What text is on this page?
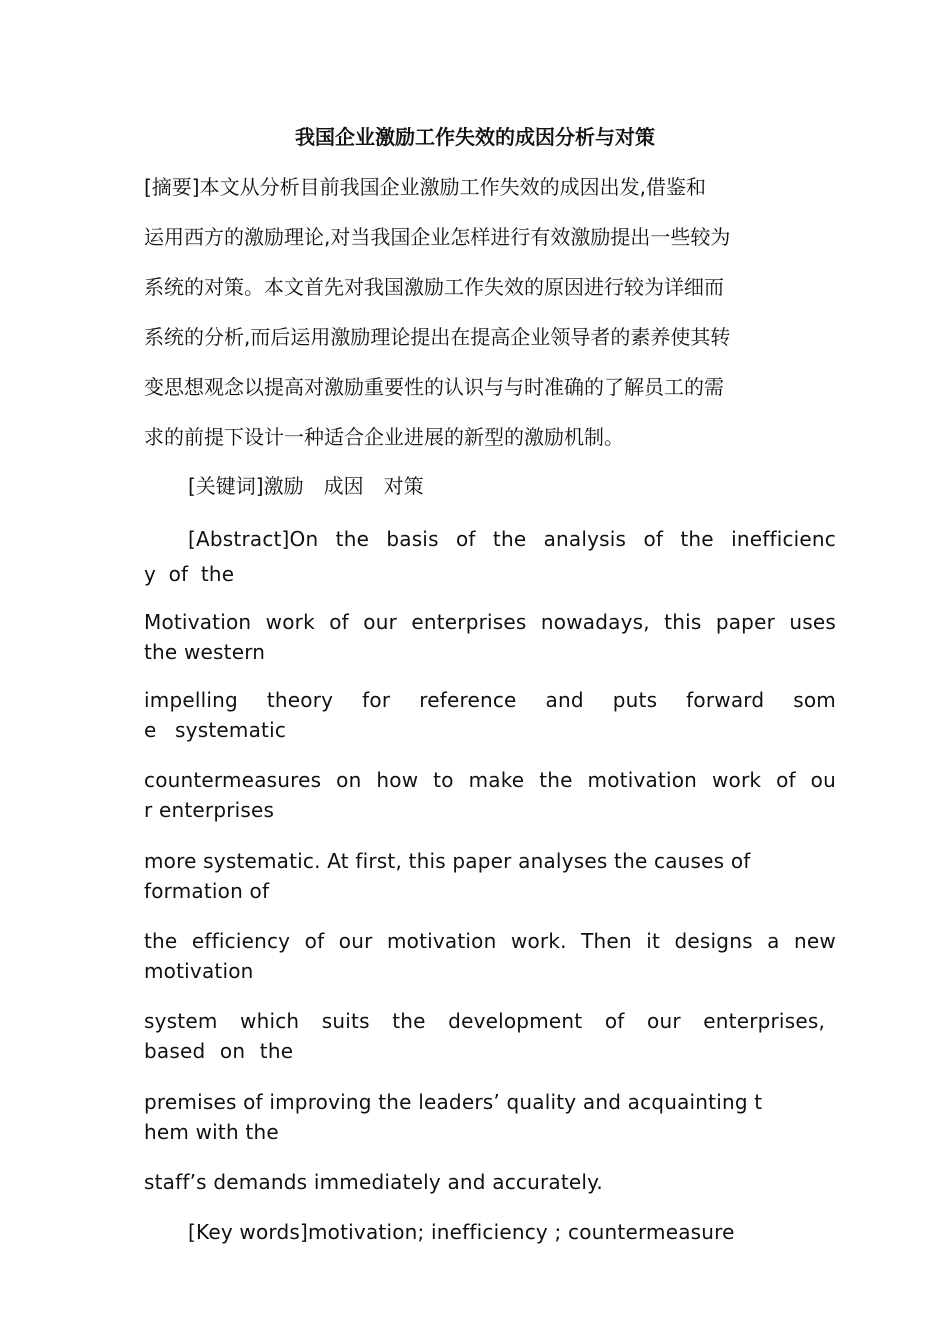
我国企业激励工作失效的成因分析与对策
[摘要]本文从分析目前我国企业激励工作失效的成因出发,借鉴和
运用西方的激励理论,对当我国企业怎样进行有效激励提出一些较为
系统的对策。本文首先对我国激励工作失效的原因进行较为详细而
系统的分析,而后运用激励理论提出在提高企业领导者的素养使其转
变思想观念以提高对激励重要性的认识与与时准确的了解员工的需
求的前提下设计一种适合企业进展的新型的激励机制。
[关键词]激励　成因　对策
[Abstract]On the basis of the analysis of the inefficienc
y of the
Motivation work of our enterprises nowadays, this paper uses
the western
impelling theory for reference and puts forward som
e systematic
countermeasures on how to make the motivation work of ou
r enterprises
more systematic. At first, this paper analyses the causes of
formation of
the efficiency of our motivation work. Then it designs a new
motivation
system which suits the development of our enterprises,
based on the
premises of improving the leaders’ quality and acquainting t
hem with the
staff’s demands immediately and accurately.
[Key words]motivation; inefficiency ; countermeasure
